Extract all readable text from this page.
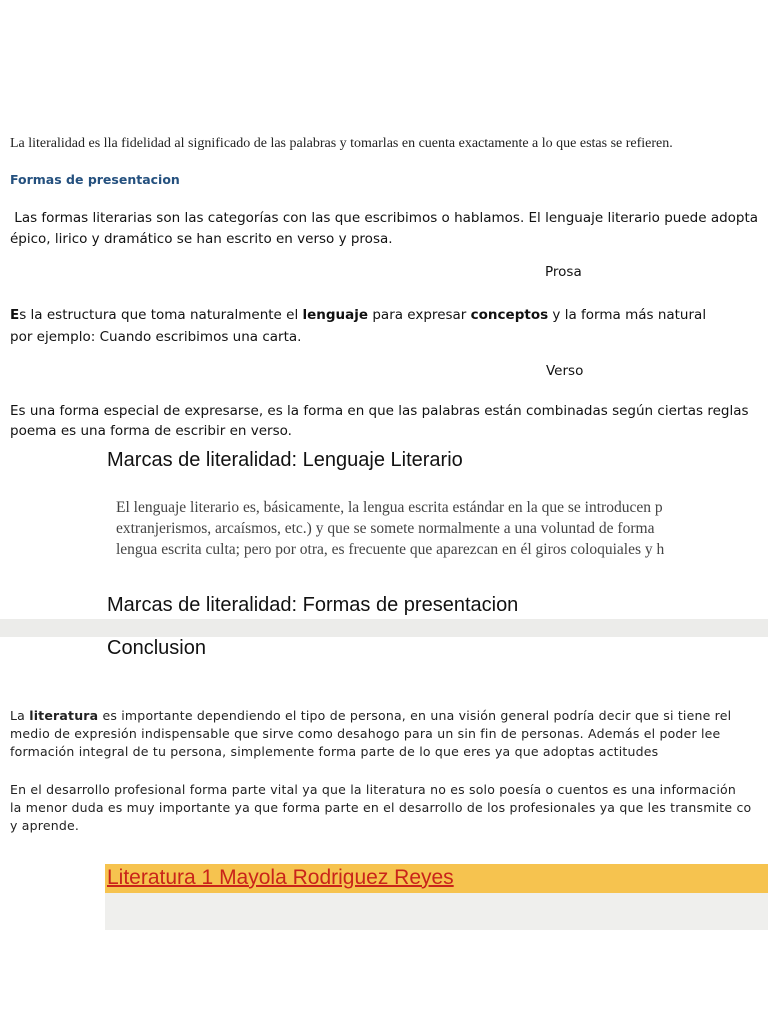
La literalidad es lla fidelidad al significado de las palabras y tomarlas en cuenta exactamente a lo que estas se refieren.
Formas de presentacion
Las formas literarias son las categorías con las que escribimos o hablamos. El lenguaje literario puede adopta
épico, lirico y dramático se han escrito en verso y prosa.
Prosa
Es la estructura que toma naturalmente el lenguaje para expresar conceptos y la forma más natural
por ejemplo: Cuando escribimos una carta.
Verso
Es una forma especial de expresarse, es la forma en que las palabras están combinadas según ciertas reglas
poema es una forma de escribir en verso.
Marcas de literalidad: Lenguaje Literario
El lenguaje literario es, básicamente, la lengua escrita estándar en la que se introducen p
extranjerismos, arcaísmos, etc.) y que se somete normalmente a una voluntad de forma
lengua escrita culta; pero por otra, es frecuente que aparezcan en él giros coloquiales y h
Marcas de literalidad: Formas de presentacion
Conclusion
La literatura es importante dependiendo el tipo de persona, en una visión general podría decir que si tiene rel
medio de expresión indispensable que sirve como desahogo para un sin fin de personas. Además el poder lee
formación integral de tu persona, simplemente forma parte de lo que eres ya que adoptas actitudes
En el desarrollo profesional forma parte vital ya que la literatura no es solo poesía o cuentos es una información
la menor duda es muy importante ya que forma parte en el desarrollo de los profesionales ya que les transmite co
y aprende.
Literatura 1 Mayola Rodriguez Reyes
